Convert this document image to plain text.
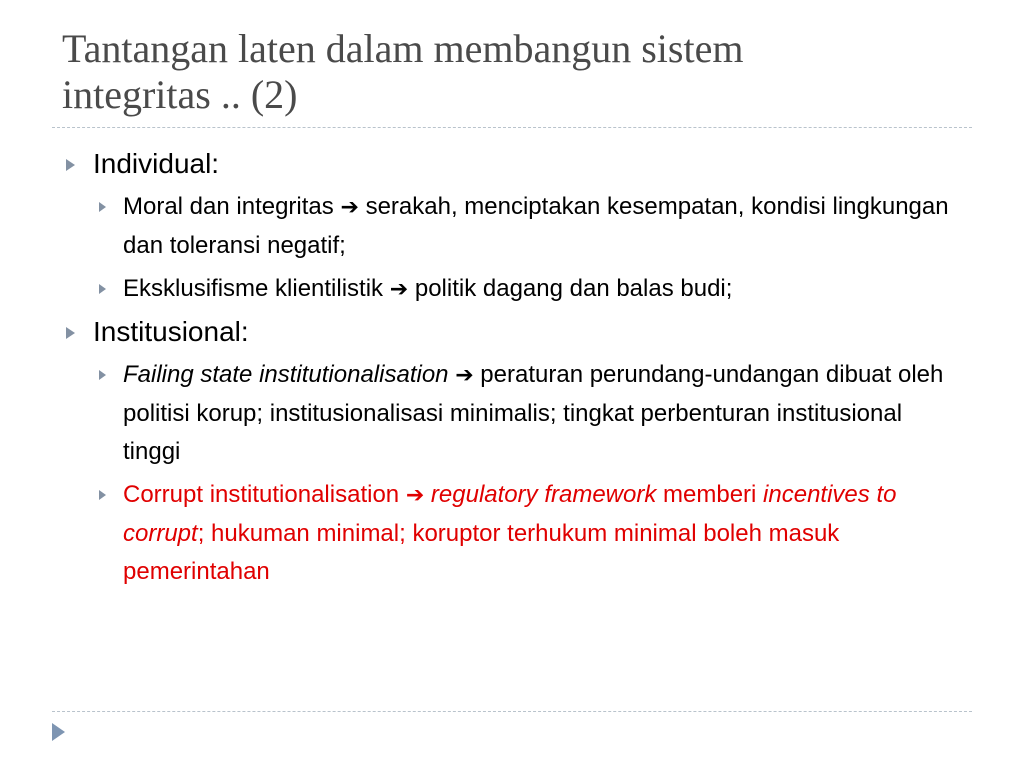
Tantangan laten dalam membangun sistem
integritas .. (2)
Individual:
Moral dan integritas ➔ serakah, menciptakan kesempatan, kondisi lingkungan dan toleransi negatif;
Eksklusifisme klientilistik ➔ politik dagang dan balas budi;
Institusional:
Failing state institutionalisation ➔ peraturan perundang-undangan dibuat oleh politisi korup; institusionalisasi minimalis; tingkat perbenturan institusional tinggi
Corrupt institutionalisation ➔ regulatory framework memberi incentives to corrupt; hukuman minimal; koruptor terhukum minimal boleh masuk pemerintahan
